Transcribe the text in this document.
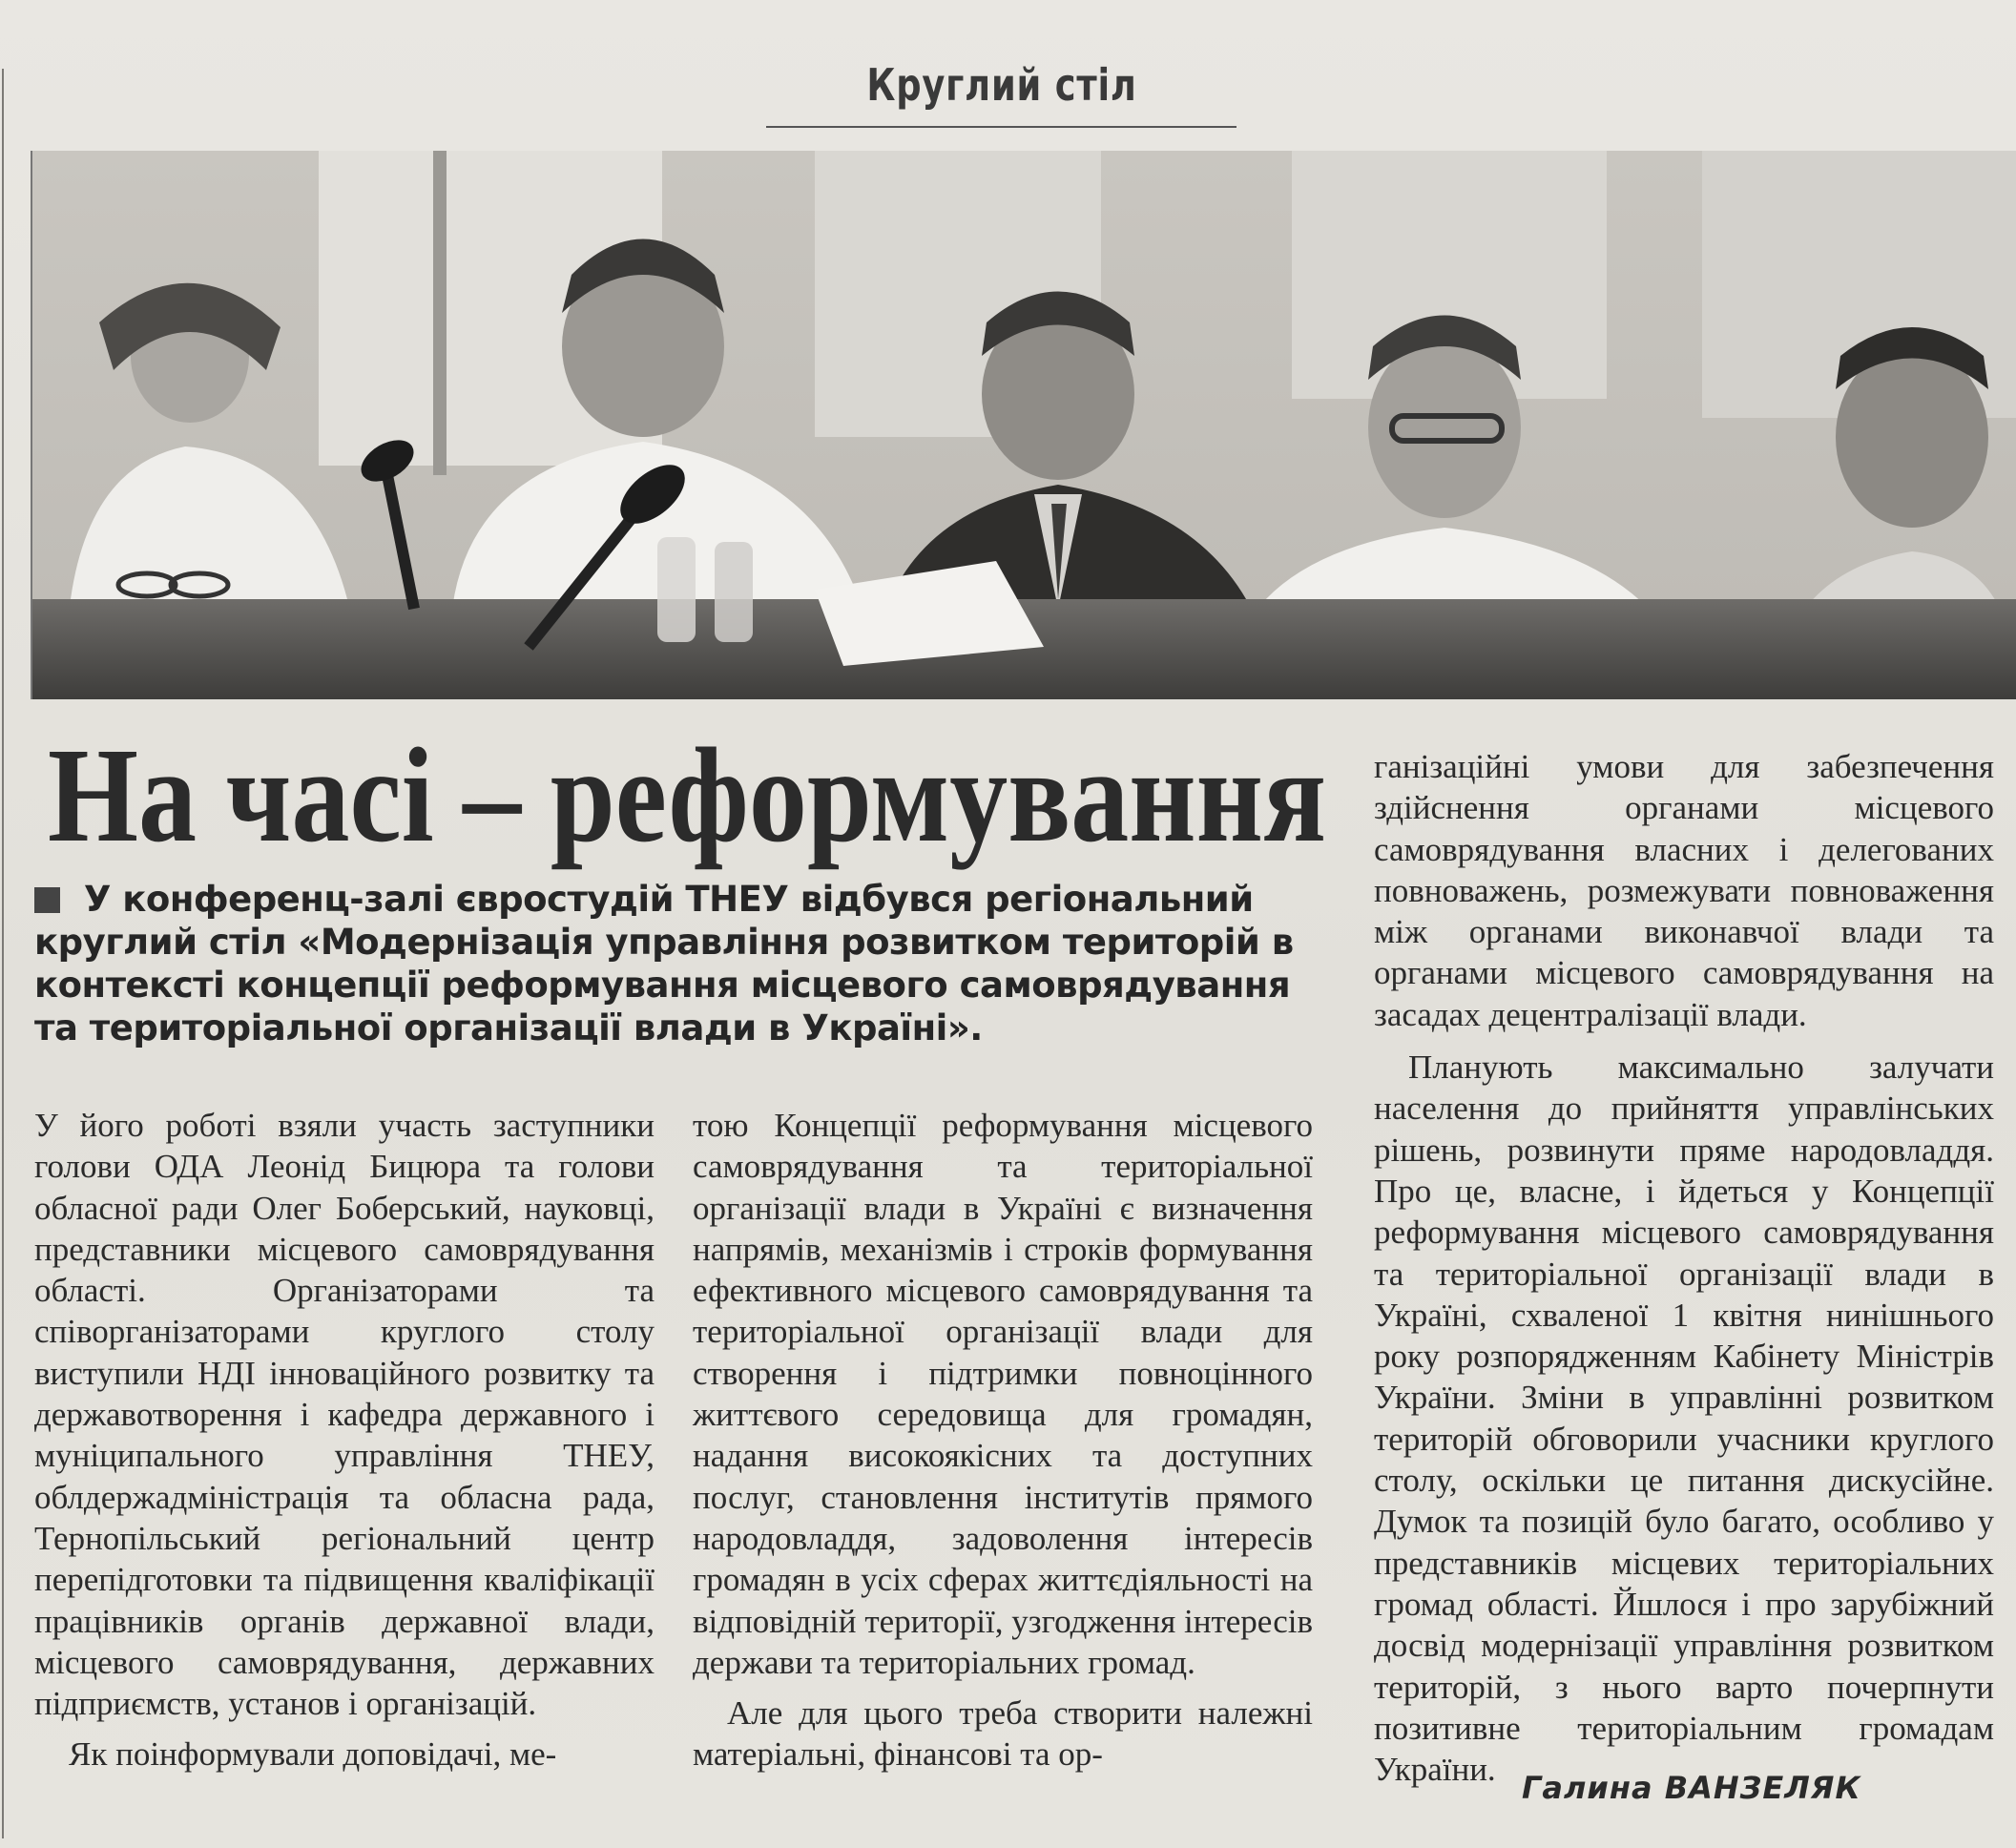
Круглий стіл
На часі – реформування
У конференц-залі євростудій ТНЕУ відбувся регіональний круглий стіл «Модернізація управління розвитком територій в контексті концепції реформування місцевого самоврядування та територіальної організації влади в Україні».

У його роботі взяли участь заступники голови ОДА Леонід Бицюра та голови обласної ради Олег Боберський, науковці, представники місцевого самоврядування області. Організаторами та співорганізаторами круглого столу виступили НДІ інноваційного розвитку та державотворення і кафедра державного і муніципального управління ТНЕУ, облдержадміністрація та обласна рада, Тернопільський регіональний центр перепідготовки та підвищення кваліфікації працівників органів державної влади, місцевого самоврядування, державних підприємств, установ і організацій.

Як поінформували доповідачі, ме-

тою Концепції реформування місцевого самоврядування та територіальної організації влади в Україні є визначення напрямів, механізмів і строків формування ефективного місцевого самоврядування та територіальної організації влади для створення і підтримки повноцінного життєвого середовища для громадян, надання високоякісних та доступних послуг, становлення інститутів прямого народовладдя, задоволення інтересів громадян в усіх сферах життєдіяльності на відповідній території, узгодження інтересів держави та територіальних громад.

Але для цього треба створити належні матеріальні, фінансові та ор-

ганізаційні умови для забезпечення здійснення органами місцевого самоврядування власних і делегованих повноважень, розмежувати повноваження між органами виконавчої влади та органами місцевого самоврядування на засадах децентралізації влади.

Планують максимально залучати населення до прийняття управлінських рішень, розвинути пряме народовладдя. Про це, власне, і йдеться у Концепції реформування місцевого самоврядування та територіальної організації влади в Україні, схваленої 1 квітня нинішнього року розпорядженням Кабінету Міністрів України. Зміни в управлінні розвитком територій обговорили учасники круглого столу, оскільки це питання дискусійне. Думок та позицій було багато, особливо у представників місцевих територіальних громад області. Йшлося і про зарубіжний досвід модернізації управління розвитком територій, з нього варто почерпнути позитивне територіальним громадам України. Галина ВАНЗЕЛЯК
